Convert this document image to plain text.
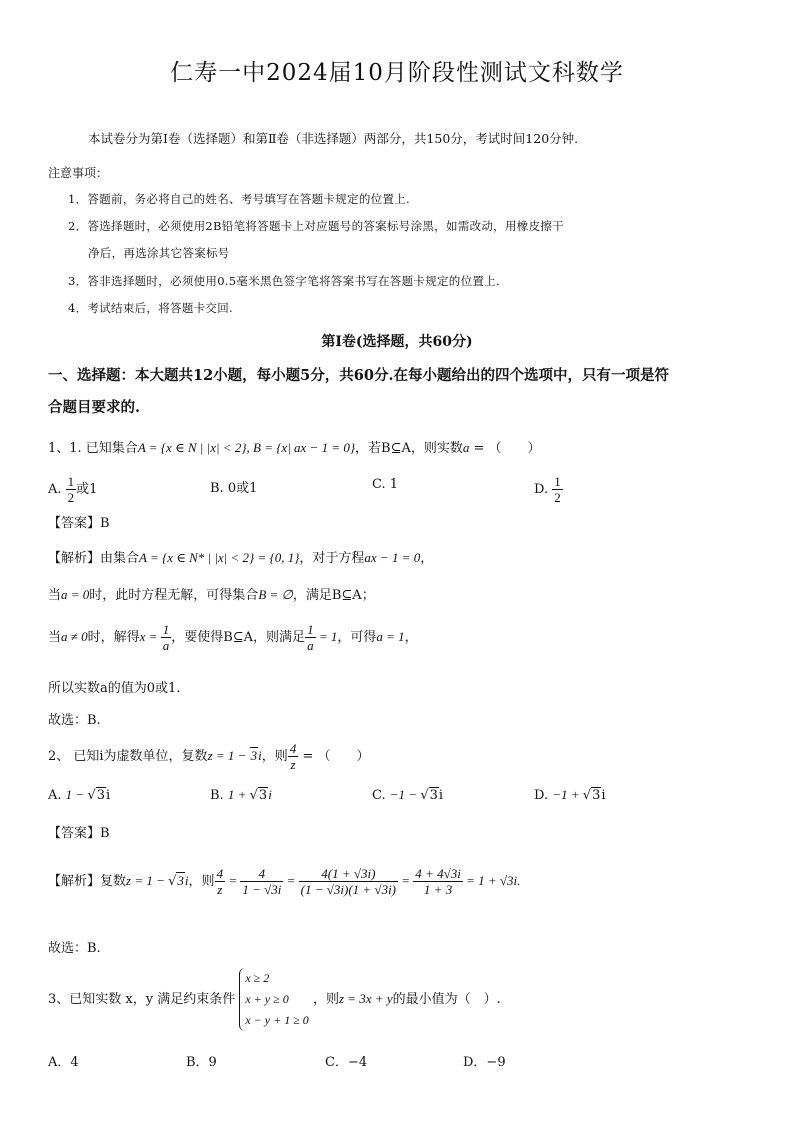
仁寿一中2024届10月阶段性测试文科数学
本试卷分为第Ⅰ卷（选择题）和第Ⅱ卷（非选择题）两部分，共150分，考试时间120分钟.
注意事项：
1．答题前，务必将自己的姓名、考号填写在答题卡规定的位置上.
2．答选择题时，必须使用2B铅笔将答题卡上对应题号的答案标号涂黑，如需改动，用橡皮擦干
净后，再选涂其它答案标号
3．答非选择题时，必须使用0.5毫米黑色签字笔将答案书写在答题卡规定的位置上.
4．考试结束后，将答题卡交回.
第Ⅰ卷(选择题，共60分)
一、选择题：本大题共12小题，每小题5分，共60分.在每小题给出的四个选项中，只有一项是符
合题目要求的.
1、1. 已知集合A = {x ∈ N | |x| < 2}, B = {x| ax − 1 = 0}，若B⊆A，则实数a = （　　）
A. $\frac{1}{2}$ 或1	B. 0或1	C. 1	D. $\frac{1}{2}$
【答案】B
【解析】由集合A = {x ∈ N* | |x| < 2} = {0, 1}，对于方程ax − 1 = 0，
当a = 0时，此时方程无解，可得集合B = ∅，满足B⊆A；
当a ≠ 0时，解得$x = \frac{1}{a}$ ，要使得B⊆A，则满足 $\frac{1}{a} = 1$，可得a = 1，
所以实数a的值为0或1.
故选：B.
2、 已知i为虚数单位，复数z = 1 − 3i，则 $\frac{4}{z}$ = （　　）
A. 1 − √3i	B. 1 + √3i	C. −1 − √3i	D. −1 + √3i
【答案】B
【解析】复数z = 1 − √3i，则 $\frac{4}{z} = \frac{4}{1 - √3i} = \frac{4(1 + √3i)}{(1 - √3i)(1 + √3i)} = \frac{4 + 4√3i}{1 + 3} = 1 + √3i$.
故选：B.
3、已知实数 x，y 满足约束条件
x ≥ 2
x + y ≥ 0
x − y + 1 ≥ 0
，则z = 3x + y的最小值为（　）.
A．4	B．9	C．−4	D．−9
